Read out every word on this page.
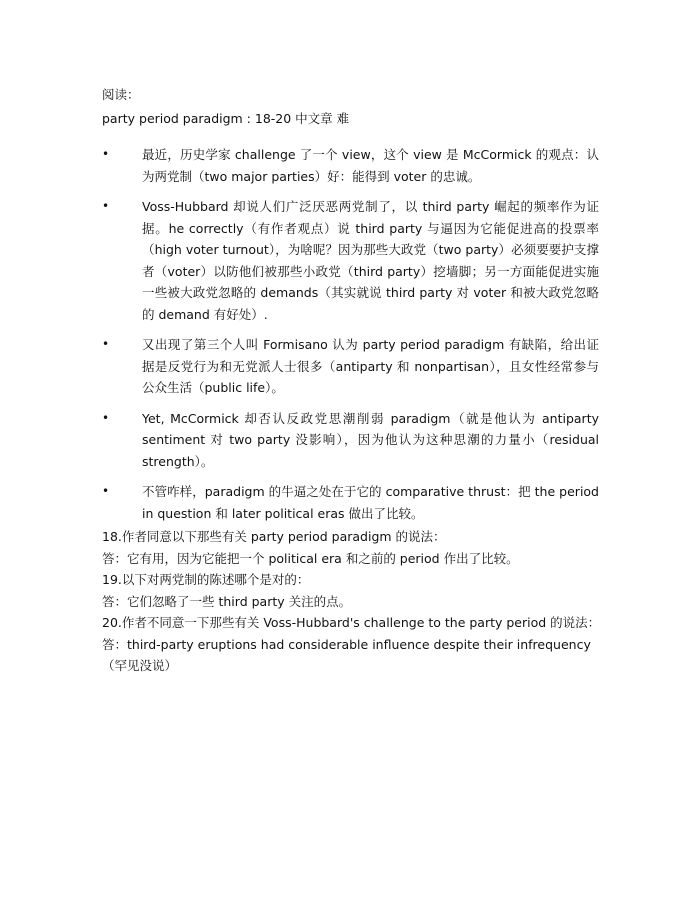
阅读：
party period paradigm : 18-20 中文章 难
•	最近，历史学家 challenge 了一个 view，这个 view 是 McCormick 的观点：认为两党制（two major parties）好：能得到 voter 的忠诚。
•	Voss-Hubbard 却说人们广泛厌恶两党制了，以 third party 崛起的频率作为证据。he correctly（有作者观点）说 third party 与逼因为它能促进高的投票率（high voter turnout），为啥呢？因为那些大政党（two party）必须要要护支撑者（voter）以防他们被那些小政党（third party）挖墙脚；另一方面能促进实施一些被大政党忽略的 demands（其实就说 third party 对 voter 和被大政党忽略的 demand 有好处）.
•	又出现了第三个人叫 Formisano 认为 party period paradigm 有缺陷，给出证据是反党行为和无党派人士很多（antiparty 和 nonpartisan），且女性经常参与公众生活（public life）。
•	Yet, McCormick 却否认反政党思潮削弱 paradigm（就是他认为 antiparty sentiment 对 two party 没影响），因为他认为这种思潮的力量小（residual strength）。
•	不管咋样，paradigm 的牛逼之处在于它的 comparative thrust：把 the period in question 和 later political eras 做出了比较。
18.作者同意以下那些有关 party period paradigm 的说法：
答：它有用，因为它能把一个 political era 和之前的 period 作出了比较。
19.以下对两党制的陈述哪个是对的：
答：它们忽略了一些 third party 关注的点。
20.作者不同意一下那些有关 Voss-Hubbard's challenge to the party period 的说法：
答：third-party eruptions had considerable influence despite their infrequency
（罕见没说）
